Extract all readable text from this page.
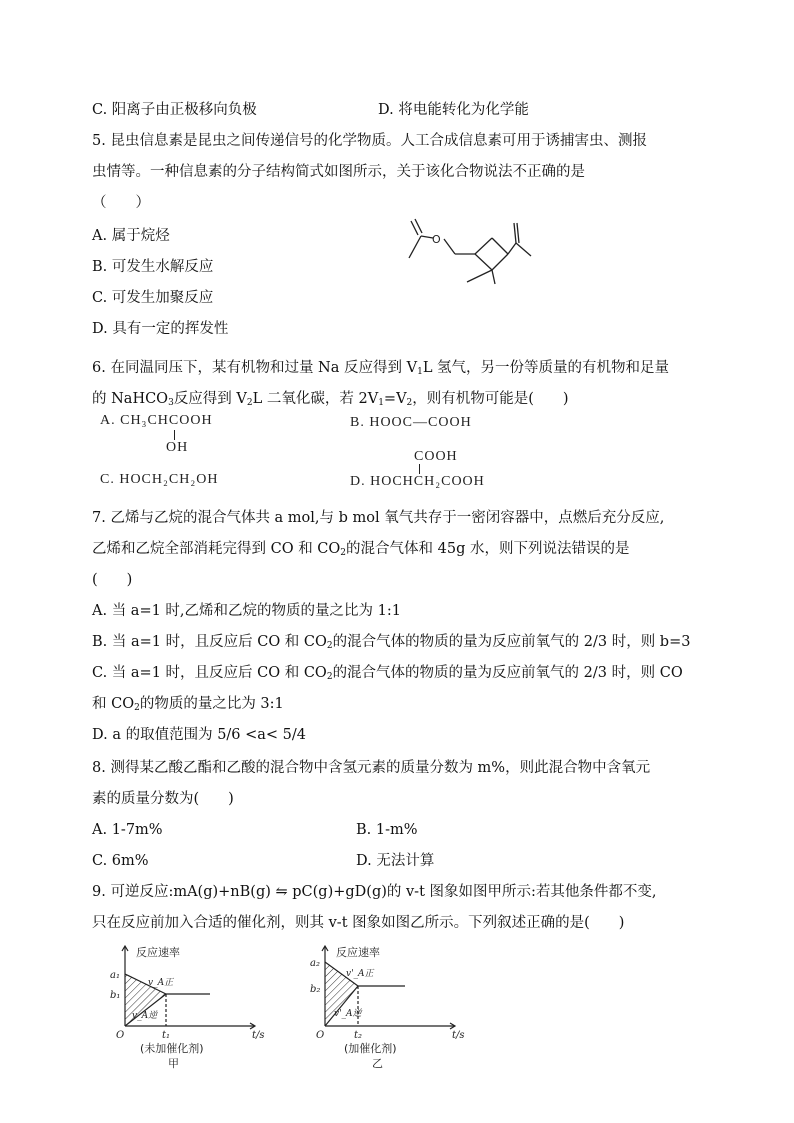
C. 阳离子由正极移向负极	D. 将电能转化为化学能
5. 昆虫信息素是昆虫之间传递信号的化学物质。人工合成信息素可用于诱捕害虫、测报
虫情等。一种信息素的分子结构简式如图所示，关于该化合物说法不正确的是
（　　）
A. 属于烷烃
B. 可发生水解反应
C. 可发生加聚反应
D. 具有一定的挥发性
O
6. 在同温同压下，某有机物和过量 Na 反应得到 $V_1L$ 氢气，另一份等质量的有机物和足量
的 NaHCO$_3$反应得到 $V_2L$ 二氧化碳，若 $2V_1=V_2$，则有机物可能是(　　)
A. CH₃CHCOOH
OH
B. HOOC—COOH
C. HOCH₂CH₂OH
COOH
D. HOCHCH₂COOH
7. 乙烯与乙烷的混合气体共 a mol,与 b mol 氧气共存于一密闭容器中，点燃后充分反应,
乙烯和乙烷全部消耗完得到 CO 和 $CO_2$的混合气体和 45g 水，则下列说法错误的是
(　　)
A. 当 a=1 时,乙烯和乙烷的物质的量之比为 1:1
B. 当 a=1 时，且反应后 CO 和 $CO_2$的混合气体的物质的量为反应前氧气的 2/3 时，则 b=3
C. 当 a=1 时，且反应后 CO 和 $CO_2$的混合气体的物质的量为反应前氧气的 2/3 时，则 CO
和 $CO_2$的物质的量之比为 3:1
D. a 的取值范围为 5/6 <a< 5/4
8. 测得某乙酸乙酯和乙酸的混合物中含氢元素的质量分数为 m%，则此混合物中含氧元
素的质量分数为(　　)
A. 1-7m%	B. 1-m%
C. 6m%	D. 无法计算
9. 可逆反应:mA(g)+nB(g) ⇋ pC(g)+gD(g)的 v-t 图象如图甲所示:若其他条件都不变,
只在反应前加入合适的催化剂，则其 v-t 图象如图乙所示。下列叙述正确的是(　　)
反应速率
a₁
b₁
v_A正
v_A逆
O	t₁	t/s
(未加催化剂)
甲
反应速率
a₂
b₂
v'_A正
v'_A逆
O	t₂	t/s
(加催化剂)
乙
